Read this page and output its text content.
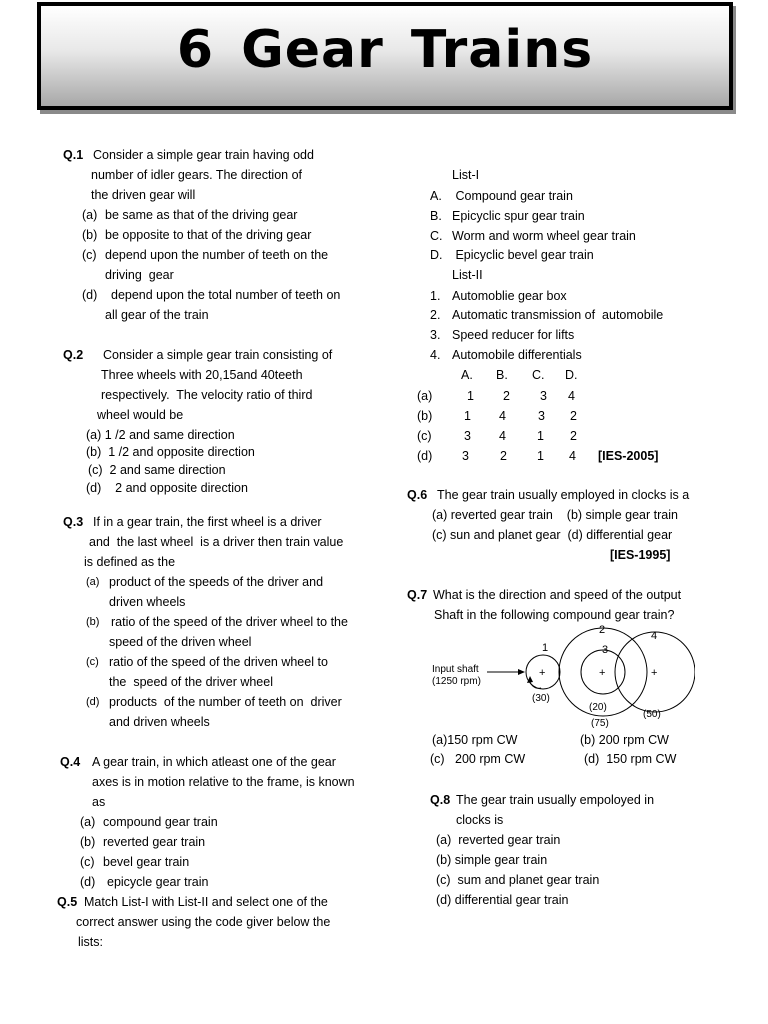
6 Gear Trains
Q.1 Consider a simple gear train having odd
number of idler gears. The direction of
the driven gear will
(a) be same as that of the driving gear
(b) be opposite to that of the driving gear
(c) depend upon the number of teeth on the
driving  gear
(d) depend upon the total number of teeth on
all gear of the train
Q.2 Consider a simple gear train consisting of
Three wheels with 20,15and 40teeth
respectively.  The velocity ratio of third
wheel would be
(a) 1 /2 and same direction
(b)  1 /2 and opposite direction
(c)  2 and same direction
(d)    2 and opposite direction
Q.3 If in a gear train, the first wheel is a driver
and  the last wheel  is a driver then train value
is defined as the
(a) product of the speeds of the driver and
driven wheels
(b) ratio of the speed of the driver wheel to the
speed of the driven wheel
(c) ratio of the speed of the driven wheel to
the  speed of the driver wheel
(d) products  of the number of teeth on  driver
and driven wheels
Q.4 A gear train, in which atleast one of the gear
axes is in motion relative to the frame, is known
as
(a) compound gear train
(b) reverted gear train
(c) bevel gear train
(d) epicycle gear train
Q.5 Match List-I with List-II and select one of the
correct answer using the code giver below the
lists:
List-I
A. Compound gear train
B. Epicyclic spur gear train
C. Worm and worm wheel gear train
D. Epicyclic bevel gear train
List-II
1. Automoblie gear box
2. Automatic transmission of  automobile
3. Speed reducer for lifts
4. Automobile differentials
A. B. C. D.
(a)	1 2 3 4
(b)	1 4	3 2
(c)	3 4 1 2
(d) 3 2 1 4 [IES-2005]
Q.6 The gear train usually employed in clocks is a
(a) reverted gear train    (b) simple gear train
(c) sun and planet gear  (d) differential gear
[IES-1995]
Q.7 What is the direction and speed of the output
Shaft in the following compound gear train?
Input shaft
(1250 rpm)
+
1
(30)
2
(20)
+
3
(75)
+
4
(50)
(a)150 rpm CW	(b) 200 rpm CW
(c)   200 rpm CW	(d)  150 rpm CW
Q.8 The gear train usually empoloyed in
clocks is
(a)  reverted gear train
(b) simple gear train
(c)  sum and planet gear train
(d) differential gear train
